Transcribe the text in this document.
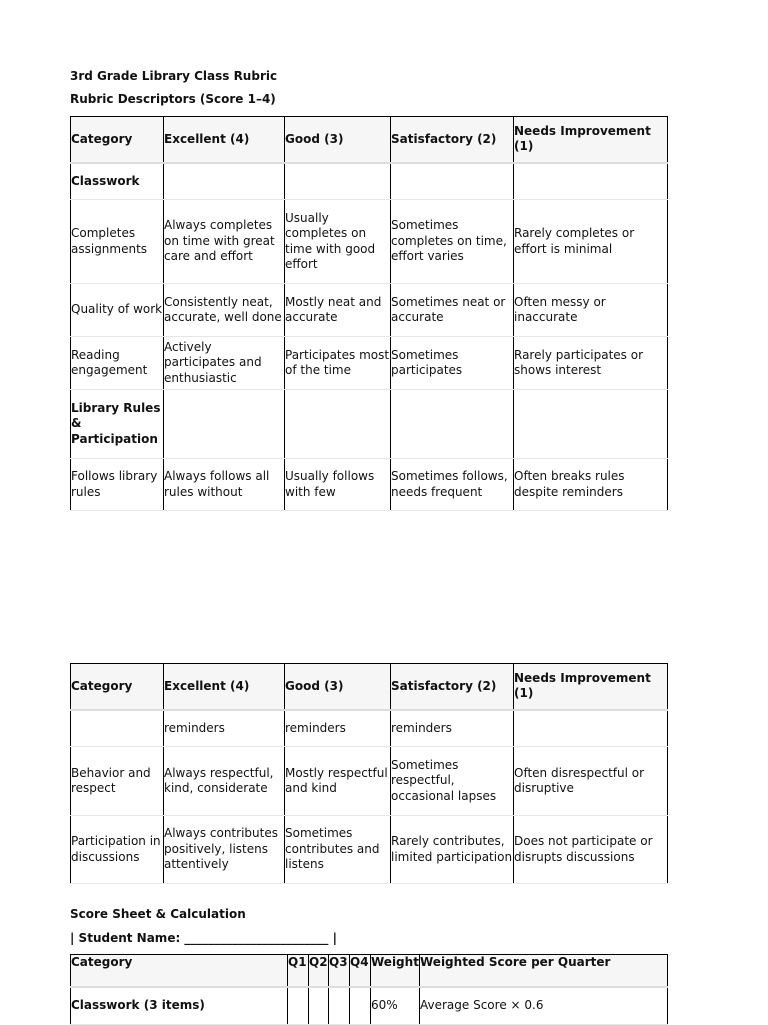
3rd Grade Library Class Rubric
Rubric Descriptors (Score 1–4)
Category	Excellent (4)	Good (3)	Satisfactory (2)	Needs Improvement (1)
Classwork				
Completes assignments	Always completes on time with great care and effort	Usually completes on time with good effort	Sometimes completes on time, effort varies	Rarely completes or effort is minimal
Quality of work	Consistently neat, accurate, well done	Mostly neat and accurate	Sometimes neat or accurate	Often messy or inaccurate
Reading engagement	Actively participates and enthusiastic	Participates most of the time	Sometimes participates	Rarely participates or shows interest
Library Rules & Participation				
Follows library rules	Always follows all rules without	Usually follows with few	Sometimes follows, needs frequent	Often breaks rules despite reminders
Category	Excellent (4)	Good (3)	Satisfactory (2)	Needs Improvement (1)
	reminders	reminders	reminders	
Behavior and respect	Always respectful, kind, considerate	Mostly respectful and kind	Sometimes respectful, occasional lapses	Often disrespectful or disruptive
Participation in discussions	Always contributes positively, listens attentively	Sometimes contributes and listens	Rarely contributes, limited participation	Does not participate or disrupts discussions
Score Sheet & Calculation
| Student Name: ________________________ |
Category	Q1	Q2	Q3	Q4	Weight	Weighted Score per Quarter
Classwork (3 items)					60%	Average Score × 0.6
